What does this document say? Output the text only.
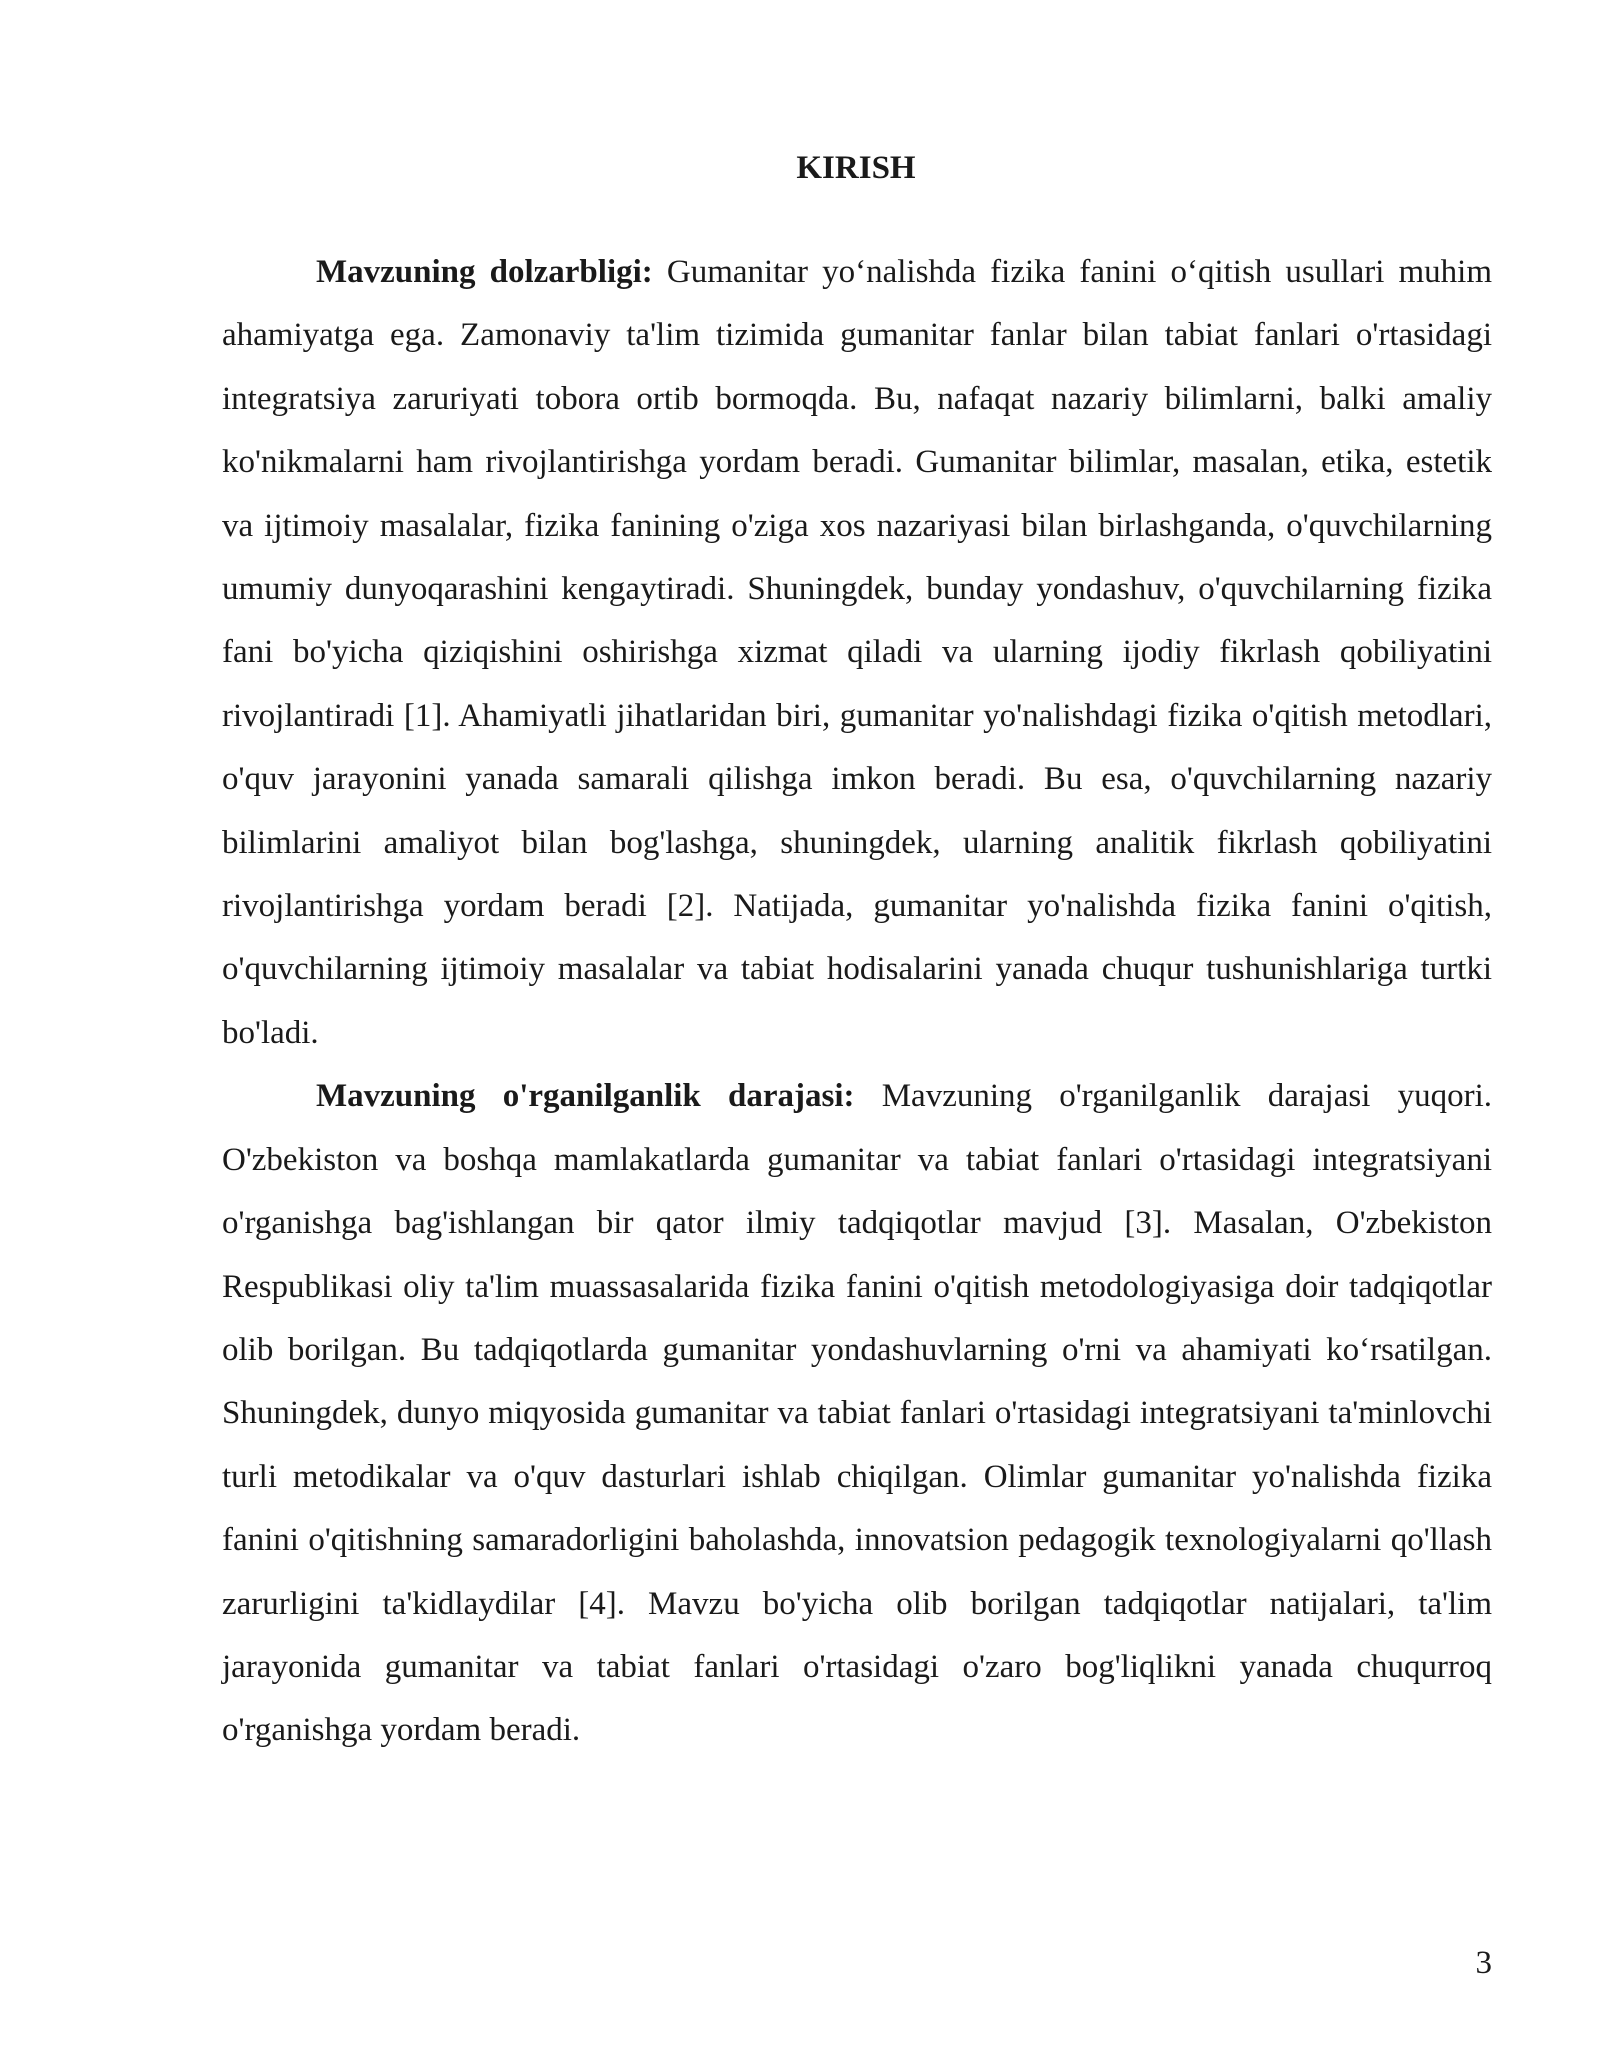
KIRISH

Mavzuning dolzarbligi: Gumanitar yo‘nalishda fizika fanini o‘qitish usullari muhim ahamiyatga ega. Zamonaviy ta'lim tizimida gumanitar fanlar bilan tabiat fanlari o'rtasidagi integratsiya zaruriyati tobora ortib bormoqda. Bu, nafaqat nazariy bilimlarni, balki amaliy ko'nikmalarni ham rivojlantirishga yordam beradi. Gumanitar bilimlar, masalan, etika, estetik va ijtimoiy masalalar, fizika fanining o'ziga xos nazariyasi bilan birlashganda, o'quvchilarning umumiy dunyoqarashini kengaytiradi. Shuningdek, bunday yondashuv, o'quvchilarning fizika fani bo'yicha qiziqishini oshirishga xizmat qiladi va ularning ijodiy fikrlash qobiliyatini rivojlantiradi [1]. Ahamiyatli jihatlaridan biri, gumanitar yo'nalishdagi fizika o'qitish metodlari, o'quv jarayonini yanada samarali qilishga imkon beradi. Bu esa, o'quvchilarning nazariy bilimlarini amaliyot bilan bog'lashga, shuningdek, ularning analitik fikrlash qobiliyatini rivojlantirishga yordam beradi [2]. Natijada, gumanitar yo'nalishda fizika fanini o'qitish, o'quvchilarning ijtimoiy masalalar va tabiat hodisalarini yanada chuqur tushunishlariga turtki bo'ladi.

Mavzuning o'rganilganlik darajasi: Mavzuning o'rganilganlik darajasi yuqori. O'zbekiston va boshqa mamlakatlarda gumanitar va tabiat fanlari o'rtasidagi integratsiyani o'rganishga bag'ishlangan bir qator ilmiy tadqiqotlar mavjud [3]. Masalan, O'zbekiston Respublikasi oliy ta'lim muassasalarida fizika fanini o'qitish metodologiyasiga doir tadqiqotlar olib borilgan. Bu tadqiqotlarda gumanitar yondashuvlarning o'rni va ahamiyati ko‘rsatilgan. Shuningdek, dunyo miqyosida gumanitar va tabiat fanlari o'rtasidagi integratsiyani ta'minlovchi turli metodikalar va o'quv dasturlari ishlab chiqilgan. Olimlar gumanitar yo'nalishda fizika fanini o'qitishning samaradorligini baholashda, innovatsion pedagogik texnologiyalarni qo'llash zarurligini ta'kidlaydilar [4]. Mavzu bo'yicha olib borilgan tadqiqotlar natijalari, ta'lim jarayonida gumanitar va tabiat fanlari o'rtasidagi o'zaro bog'liqlikni yanada chuqurroq o'rganishga yordam beradi.

3
